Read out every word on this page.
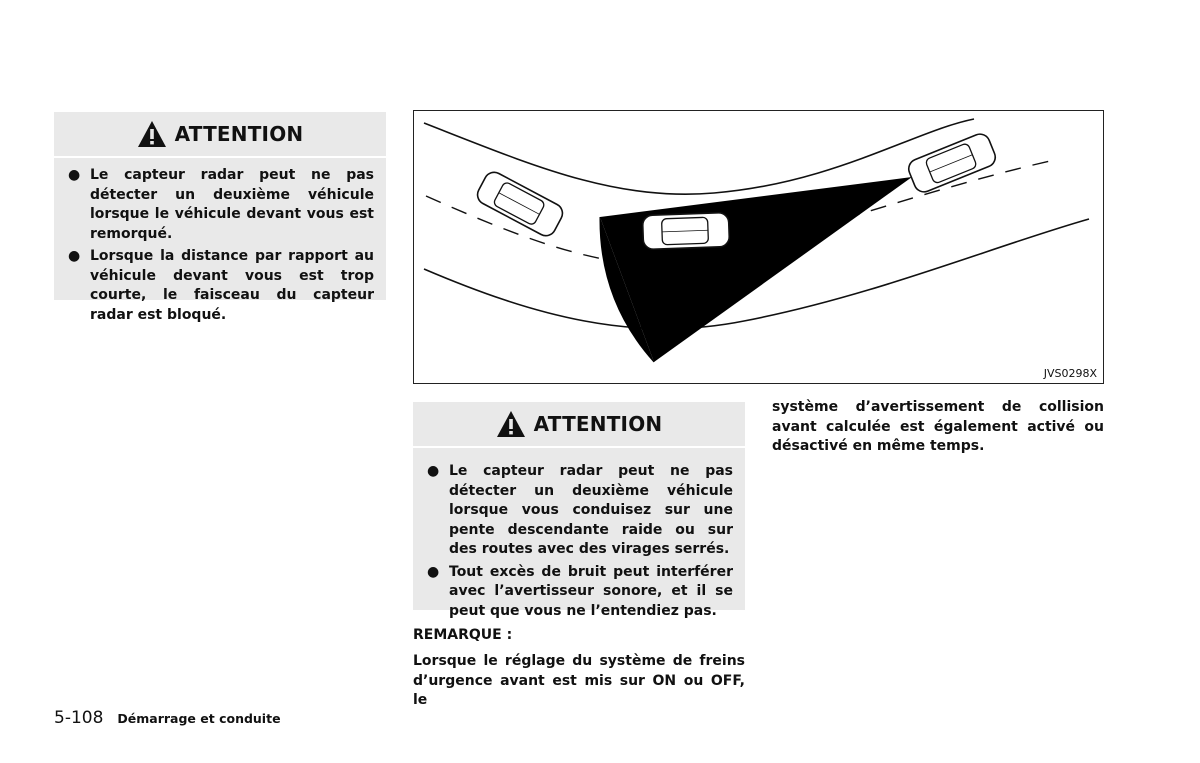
ATTENTION
● Le capteur radar peut ne pas détecter un deuxième véhicule lorsque le véhicule devant vous est remorqué.
● Lorsque la distance par rapport au véhicule devant vous est trop courte, le faisceau du capteur radar est bloqué.
JVS0298X
ATTENTION
● Le capteur radar peut ne pas détecter un deuxième véhicule lorsque vous conduisez sur une pente descendante raide ou sur des routes avec des virages serrés.
● Tout excès de bruit peut interférer avec l’avertisseur sonore, et il se peut que vous ne l’entendiez pas.
REMARQUE :
Lorsque le réglage du système de freins d’urgence avant est mis sur ON ou OFF, le
système d’avertissement de collision avant calculée est également activé ou désactivé en même temps.
5-108 Démarrage et conduite
